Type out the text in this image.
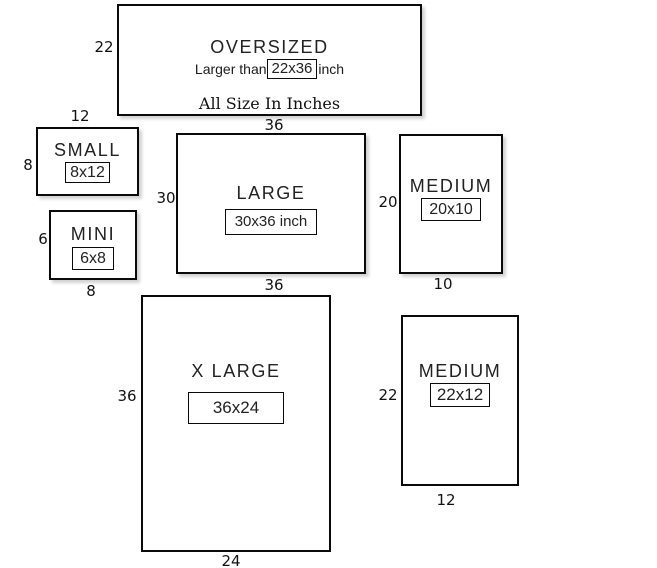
OVERSIZED
Larger than 22x36 inch
All Size In Inches
SMALL
8x12
MINI
6x8
LARGE
30x36 inch
MEDIUM
20x10
X LARGE
36x24
MEDIUM
22x12
22
12
8
6
8
36
30
36
20
10
36
24
22
12
